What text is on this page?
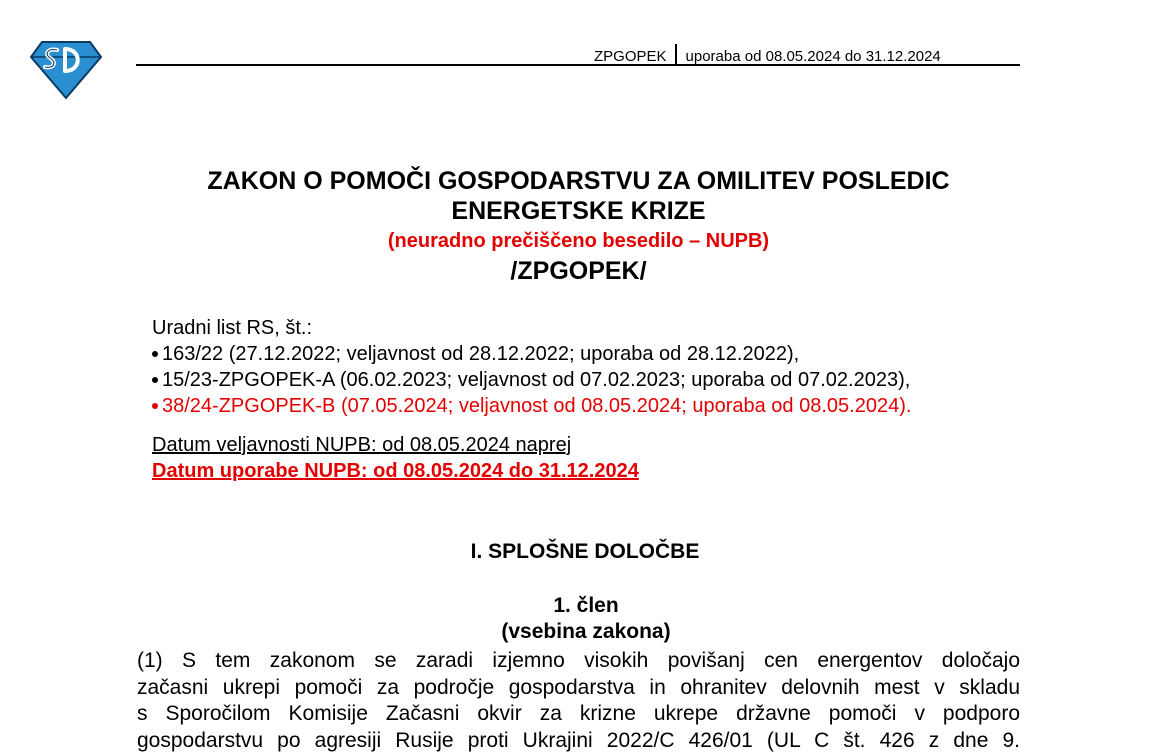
ZPGOPEK uporaba od 08.05.2024 do 31.12.2024
ZAKON O POMOČI GOSPODARSTVU ZA OMILITEV POSLEDIC
ENERGETSKE KRIZE
(neuradno prečiščeno besedilo – NUPB)
/ZPGOPEK/
Uradni list RS, št.:
163/22 (27.12.2022; veljavnost od 28.12.2022; uporaba od 28.12.2022),
15/23-ZPGOPEK-A (06.02.2023; veljavnost od 07.02.2023; uporaba od 07.02.2023),
38/24-ZPGOPEK-B (07.05.2024; veljavnost od 08.05.2024; uporaba od 08.05.2024).
Datum veljavnosti NUPB: od 08.05.2024 naprej
Datum uporabe NUPB: od 08.05.2024 do 31.12.2024
I. SPLOŠNE DOLOČBE
1. člen
(vsebina zakona)
(1) S tem zakonom se zaradi izjemno visokih povišanj cen energentov določajo
začasni ukrepi pomoči za področje gospodarstva in ohranitev delovnih mest v skladu
s Sporočilom Komisije Začasni okvir za krizne ukrepe državne pomoči v podporo
gospodarstvu po agresiji Rusije proti Ukrajini 2022/C 426/01 (UL C št. 426 z dne 9.
